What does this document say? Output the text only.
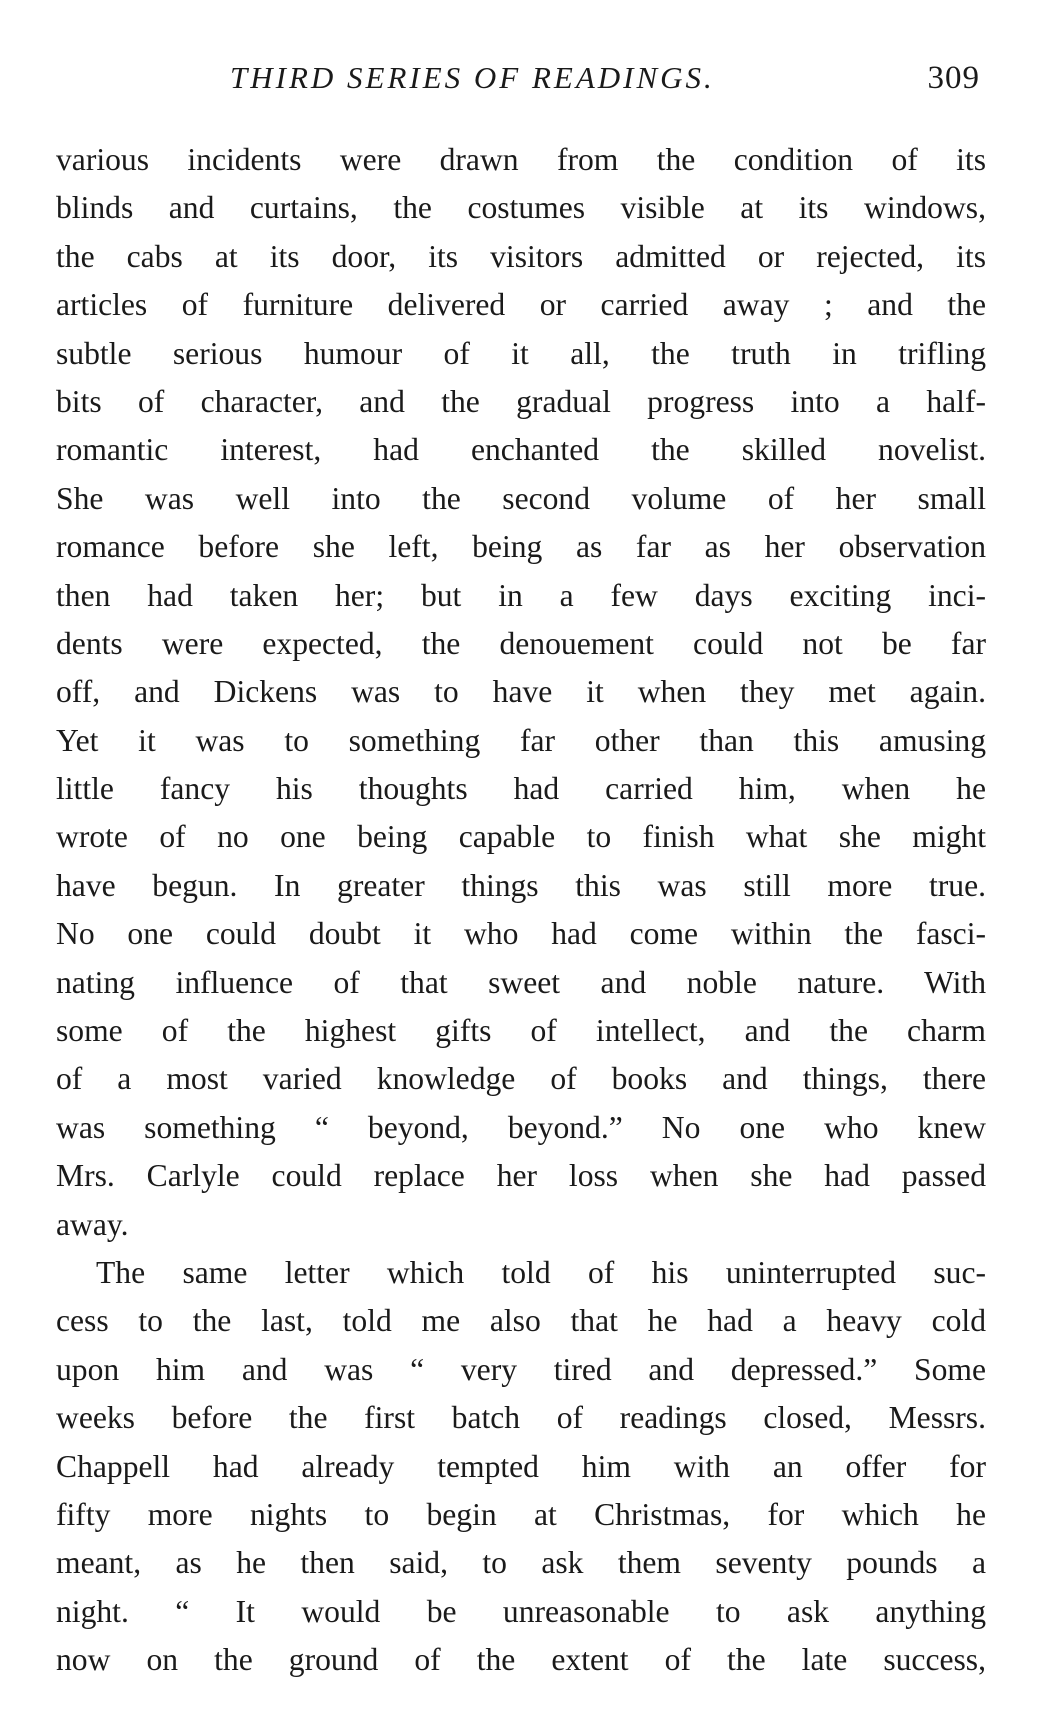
THIRD SERIES OF READINGS.	309
various incidents were drawn from the condition of its
blinds and curtains, the costumes visible at its windows,
the cabs at its door, its visitors admitted or rejected, its
articles of furniture delivered or carried away ; and the
subtle serious humour of it all, the truth in trifling
bits of character, and the gradual progress into a half-
romantic interest, had enchanted the skilled novelist.
She was well into the second volume of her small
romance before she left, being as far as her observation
then had taken her; but in a few days exciting inci-
dents were expected, the denouement could not be far
off, and Dickens was to have it when they met again.
Yet it was to something far other than this amusing
little fancy his thoughts had carried him, when he
wrote of no one being capable to finish what she might
have begun. In greater things this was still more true.
No one could doubt it who had come within the fasci-
nating influence of that sweet and noble nature. With
some of the highest gifts of intellect, and the charm
of a most varied knowledge of books and things, there
was something “ beyond, beyond.” No one who knew
Mrs. Carlyle could replace her loss when she had passed
away.
The same letter which told of his uninterrupted suc-
cess to the last, told me also that he had a heavy cold
upon him and was “ very tired and depressed.” Some
weeks before the first batch of readings closed, Messrs.
Chappell had already tempted him with an offer for
fifty more nights to begin at Christmas, for which he
meant, as he then said, to ask them seventy pounds a
night. “ It would be unreasonable to ask anything
now on the ground of the extent of the late success,
